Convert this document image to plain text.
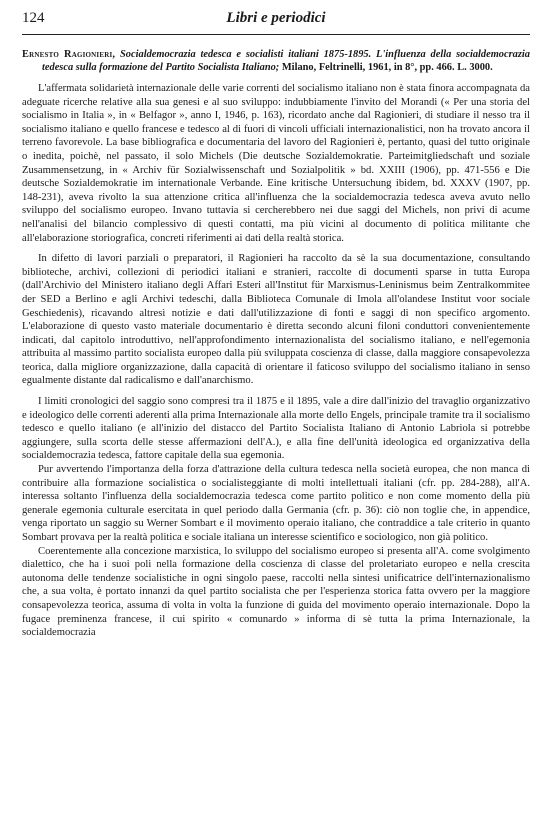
124	Libri e periodici
Ernesto Ragionieri, Socialdemocrazia tedesca e socialisti italiani 1875-1895. L'influenza della socialdemocrazia tedesca sulla formazione del Partito Socialista Italiano; Milano, Feltrinelli, 1961, in 8°, pp. 466. L. 3000.

L'affermata solidarietà internazionale delle varie correnti del socialismo italiano non è stata finora accompagnata da adeguate ricerche relative alla sua genesi e al suo sviluppo: indubbiamente l'invito del Morandi (« Per una storia del socialismo in Italia », in « Belfagor », anno I, 1946, p. 163), ricordato anche dal Ragionieri, di studiare il nesso tra il socialismo italiano e quello francese e tedesco al di fuori di vincoli ufficiali internazionalistici, non ha trovato ancora il terreno favorevole. La base bibliografica e documentaria del lavoro del Ragionieri è, pertanto, quasi del tutto originale o inedita, poichè, nel passato, il solo Michels (Die deutsche Sozialdemokratie. Parteimitgliedschaft und soziale Zusammensetzung, in « Archiv für Sozialwissenschaft und Sozialpolitik » bd. XXIII (1906), pp. 471-556 e Die deutsche Sozialdemokratie im internationale Verbande. Eine kritische Untersuchung ibidem, bd. XXXV (1907, pp. 148-231), aveva rivolto la sua attenzione critica all'influenza che la socialdemocrazia tedesca aveva avuto nello sviluppo del socialismo europeo. Invano tuttavia si cercherebbero nei due saggi del Michels, non privi di acume nell'analisi del bilancio complessivo di questi contatti, ma più vicini al documento di politica militante che all'elaborazione storiografica, concreti riferimenti ai dati della realtà storica.

In difetto di lavori parziali o preparatori, il Ragionieri ha raccolto da sè la sua documentazione, consultando biblioteche, archivi, collezioni di periodici italiani e stranieri, raccolte di documenti sparse in tutta Europa (dall'Archivio del Ministero italiano degli Affari Esteri all'Institut für Marxismus-Leninismus beim Zentralkommitee der SED a Berlino e agli Archivi tedeschi, dalla Biblioteca Comunale di Imola all'olandese Institut voor sociale Geschiedenis), ricavando altresì notizie e dati dall'utilizzazione di fonti e saggi di non specifico argomento. L'elaborazione di questo vasto materiale documentario è diretta secondo alcuni filoni conduttori convenientemente indicati, dal capitolo introduttivo, nell'approfondimento internazionalista del socialismo italiano, e nell'egemonia attribuita al massimo partito socialista europeo dalla più sviluppata coscienza di classe, dalla maggiore consapevolezza teorica, dalla migliore organizzazione, dalla capacità di orientare il faticoso sviluppo del socialismo italiano in senso egualmente distante dal radicalismo e dall'anarchismo.

I limiti cronologici del saggio sono compresi tra il 1875 e il 1895, vale a dire dall'inizio del travaglio organizzativo e ideologico delle correnti aderenti alla prima Internazionale alla morte dello Engels, principale tramite tra il socialismo tedesco e quello italiano (e all'inizio del distacco del Partito Socialista Italiano di Antonio Labriola si potrebbe aggiungere, sulla scorta delle stesse affermazioni dell'A.), e alla fine dell'unità ideologica ed organizzativa della socialdemocrazia tedesca, fattore capitale della sua egemonia.

Pur avvertendo l'importanza della forza d'attrazione della cultura tedesca nella società europea, che non manca di contribuire alla formazione socialistica o socialisteggiante di molti intellettuali italiani (cfr. pp. 284-288), all'A. interessa soltanto l'influenza della socialdemocrazia tedesca come partito politico e non come momento della più generale egemonia culturale esercitata in quel periodo dalla Germania (cfr. p. 36): ciò non toglie che, in appendice, venga riportato un saggio su Werner Sombart e il movimento operaio italiano, che contraddice a tale criterio in quanto Sombart provava per la realtà politica e sociale italiana un interesse scientifico e sociologico, non già politico.

Coerentemente alla concezione marxistica, lo sviluppo del socialismo europeo si presenta all'A. come svolgimento dialettico, che ha i suoi poli nella formazione della coscienza di classe del proletariato europeo e nella crescita autonoma delle tendenze socialistiche in ogni singolo paese, raccolti nella sintesi unificatrice dell'internazionalismo che, a sua volta, è portato innanzi da quel partito socialista che per l'esperienza storica fatta ovvero per la maggiore consapevolezza teorica, assuma di volta in volta la funzione di guida del movimento operaio internazionale. Dopo la fugace preminenza francese, il cui spirito « comunardo » informa di sè tutta la prima Internazionale, la socialdemocrazia
